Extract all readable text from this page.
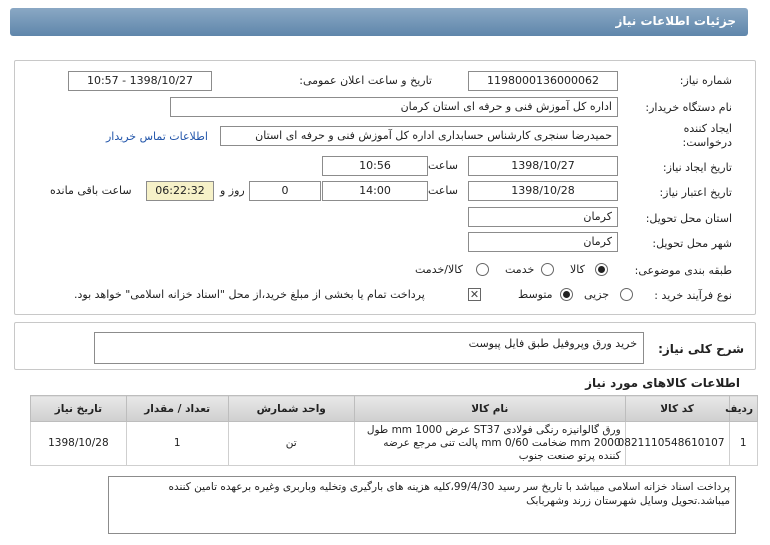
جزئیات اطلاعات نیاز
شماره نیاز:
1198000136000062
تاریخ و ساعت اعلان عمومی:
1398/10/27 - 10:57
نام دستگاه خریدار:
اداره کل آموزش فنی و حرفه ای استان کرمان
ایجاد کننده
درخواست:
حمیدرضا سنجری کارشناس حسابداری اداره کل آموزش فنی و حرفه ای استان
اطلاعات تماس خریدار
تاریخ ایجاد نیاز:
1398/10/27
ساعت
10:56
تاریخ اعتبار نیاز:
1398/10/28
ساعت
14:00
0
روز و
06:22:32
ساعت باقی مانده
استان محل تحویل:
کرمان
شهر محل تحویل:
کرمان
طبقه بندی موضوعی:
کالا
خدمت
کالا/خدمت
نوع فرآیند خرید :
جزیی
متوسط
✕
پرداخت تمام یا بخشی از مبلغ خرید،از محل "اسناد خزانه اسلامی" خواهد بود.
شرح کلی نیاز:
خرید ورق وپروفیل طبق فایل پیوست
اطلاعات کالاهای مورد نیاز
ردیف	کد کالا	نام کالا	واحد شمارش	تعداد / مقدار	تاریخ نیاز
1	0821110548610107	ورق گالوانیزه رنگی فولادی ST37 عرض 1000 mm طول 2000 mm ضخامت 0/60 mm پالت تنی مرجع عرضه کننده پرتو صنعت جنوب	تن	1	1398/10/28
پرداخت اسناد خزانه اسلامی میباشد با تاریخ سر رسید 99/4/30،کلیه هزینه های بارگیری وتخلیه وباربری وغیره برعهده تامین کننده میباشد.تحویل وسایل شهرستان زرند وشهربابک
